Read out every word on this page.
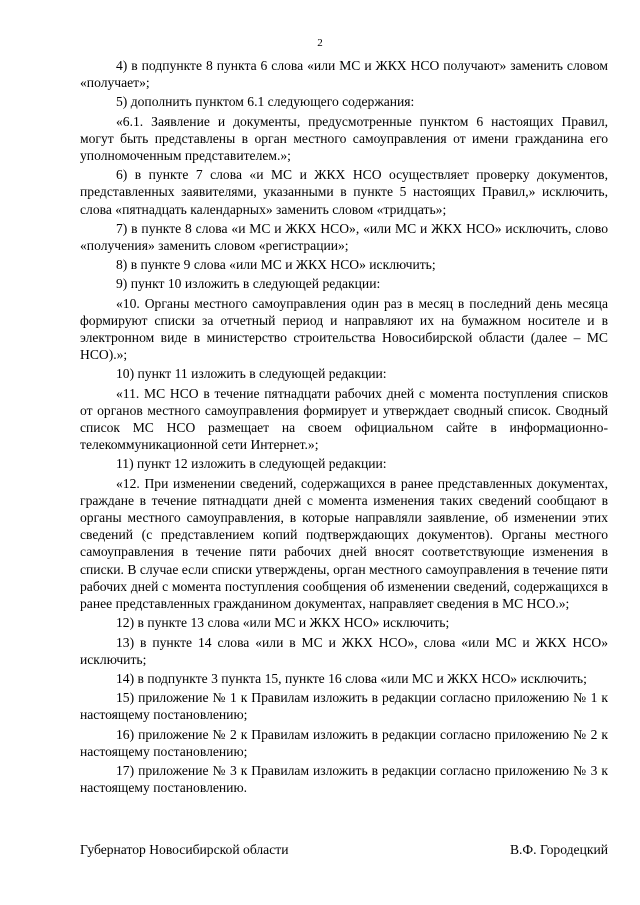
2

4) в подпункте 8 пункта 6 слова «или МС и ЖКХ НСО получают» заменить словом «получает»;

5) дополнить пунктом 6.1 следующего содержания:

«6.1. Заявление и документы, предусмотренные пунктом 6 настоящих Правил, могут быть представлены в орган местного самоуправления от имени гражданина его уполномоченным представителем.»;

6) в пункте 7 слова «и МС и ЖКХ НСО осуществляет проверку документов, представленных заявителями, указанными в пункте 5 настоящих Правил,» исключить, слова «пятнадцать календарных» заменить словом «тридцать»;

7) в пункте 8 слова «и МС и ЖКХ НСО», «или МС и ЖКХ НСО» исключить, слово «получения» заменить словом «регистрации»;

8) в пункте 9 слова «или МС и ЖКХ НСО» исключить;

9) пункт 10 изложить в следующей редакции:

«10. Органы местного самоуправления один раз в месяц в последний день месяца формируют списки за отчетный период и направляют их на бумажном носителе и в электронном виде в министерство строительства Новосибирской области (далее – МС НСО).»;

10) пункт 11 изложить в следующей редакции:

«11. МС НСО в течение пятнадцати рабочих дней с момента поступления списков от органов местного самоуправления формирует и утверждает сводный список. Сводный список МС НСО размещает на своем официальном сайте в информационно-телекоммуникационной сети Интернет.»;

11) пункт 12 изложить в следующей редакции:

«12. При изменении сведений, содержащихся в ранее представленных документах, граждане в течение пятнадцати дней с момента изменения таких сведений сообщают в органы местного самоуправления, в которые направляли заявление, об изменении этих сведений (с представлением копий подтверждающих документов). Органы местного самоуправления в течение пяти рабочих дней вносят соответствующие изменения в списки. В случае если списки утверждены, орган местного самоуправления в течение пяти рабочих дней с момента поступления сообщения об изменении сведений, содержащихся в ранее представленных гражданином документах, направляет сведения в МС НСО.»;

12) в пункте 13 слова «или МС и ЖКХ НСО» исключить;

13) в пункте 14 слова «или в МС и ЖКХ НСО», слова «или МС и ЖКХ НСО» исключить;

14) в подпункте 3 пункта 15, пункте 16 слова «или МС и ЖКХ НСО» исключить;

15) приложение № 1 к Правилам изложить в редакции согласно приложению № 1 к настоящему постановлению;

16) приложение № 2 к Правилам изложить в редакции согласно приложению № 2 к настоящему постановлению;

17) приложение № 3 к Правилам изложить в редакции согласно приложению № 3 к настоящему постановлению.

Губернатор Новосибирской области	В.Ф. Городецкий
